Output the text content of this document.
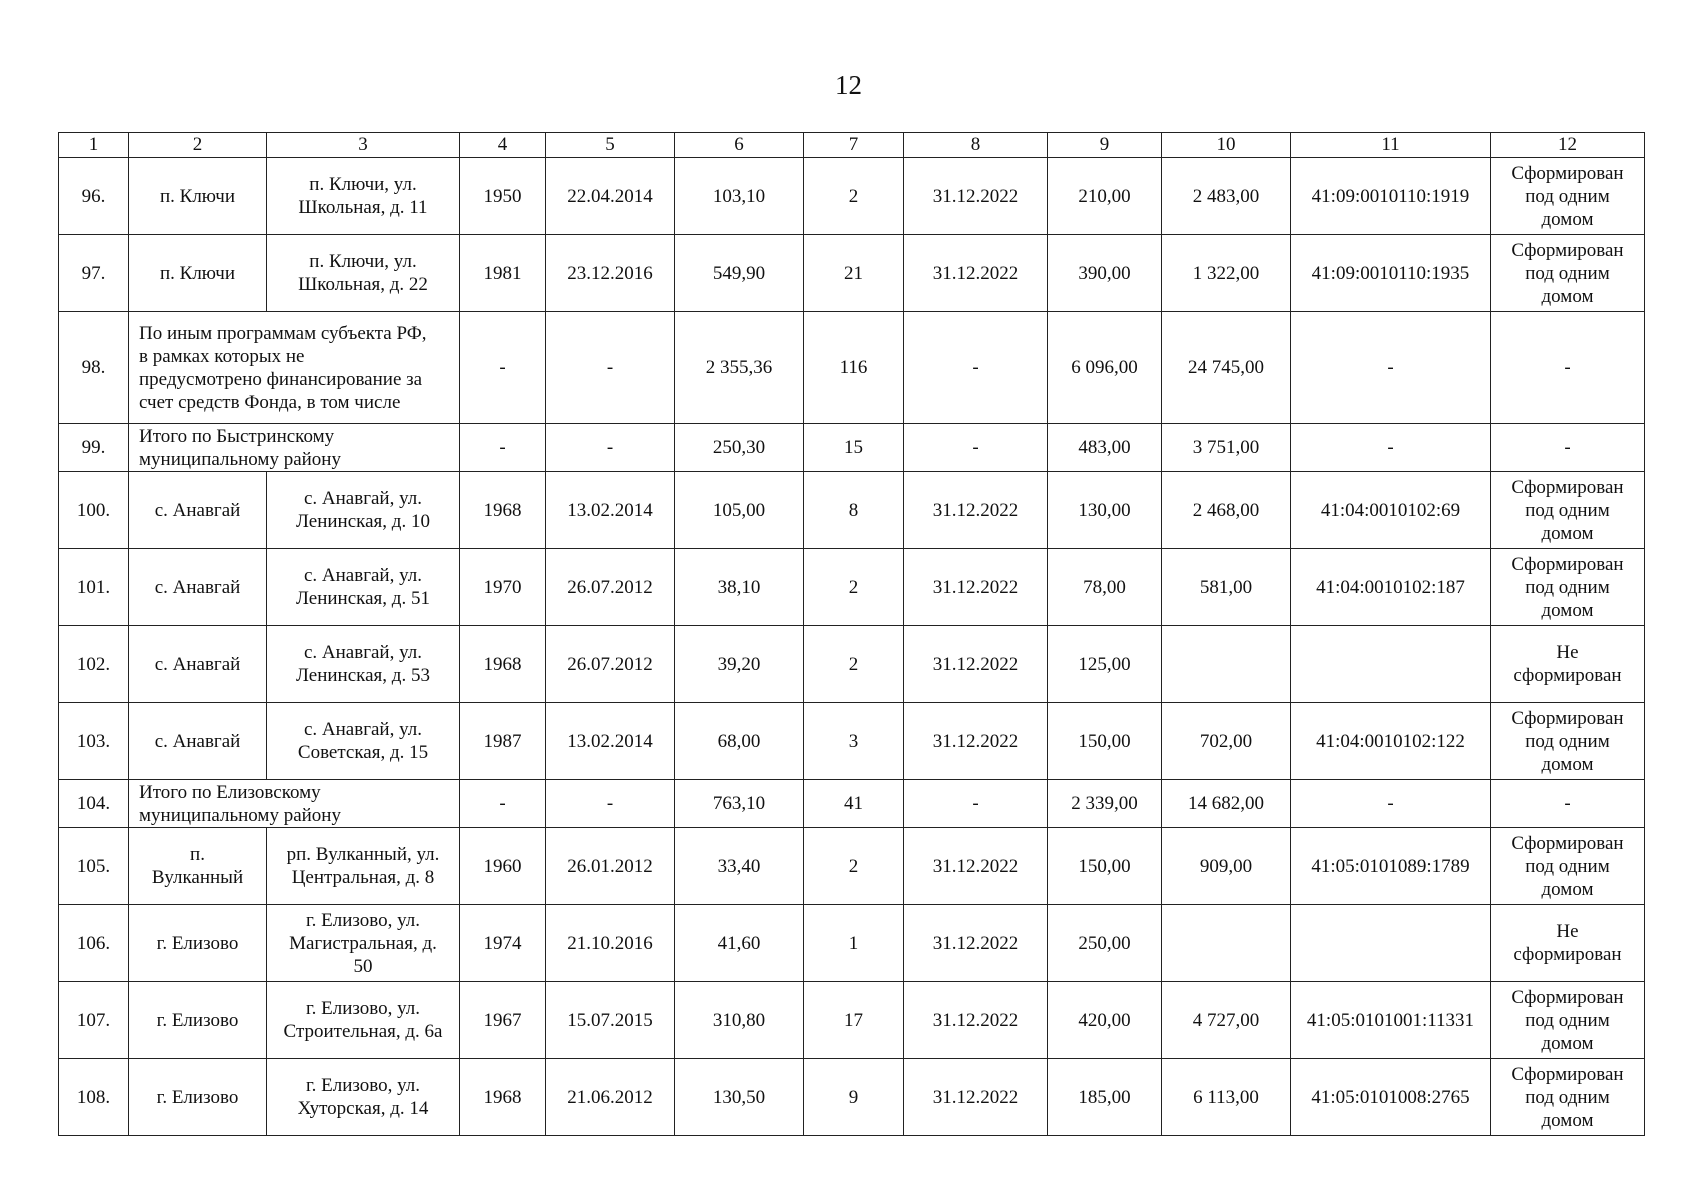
12
1	2	3	4	5	6	7	8	9	10	11	12
96.	п. Ключи	п. Ключи, ул.
Школьная, д. 11	1950	22.04.2014	103,10	2	31.12.2022	210,00	2 483,00	41:09:0010110:1919	Сформирован
под одним
домом

97.	п. Ключи	п. Ключи, ул.
Школьная, д. 22	1981	23.12.2016	549,90	21	31.12.2022	390,00	1 322,00	41:09:0010110:1935	Сформирован
под одним
домом

98.	По иным программам субъекта РФ,
в рамках которых не
предусмотрено финансирование за
счет средств Фонда, в том числе		-	-	2 355,36	116	-	6 096,00	24 745,00	-	-

99.	Итого по Быстринскому
муниципальному району		-	-	250,30	15	-	483,00	3 751,00	-	-

100.	с. Анавгай	с. Анавгай, ул.
Ленинская, д. 10	1968	13.02.2014	105,00	8	31.12.2022	130,00	2 468,00	41:04:0010102:69	Сформирован
под одним
домом

101.	с. Анавгай	с. Анавгай, ул.
Ленинская, д. 51	1970	26.07.2012	38,10	2	31.12.2022	78,00	581,00	41:04:0010102:187	Сформирован
под одним
домом

102.	с. Анавгай	с. Анавгай, ул.
Ленинская, д. 53	1968	26.07.2012	39,20	2	31.12.2022	125,00			Не
сформирован

103.	с. Анавгай	с. Анавгай, ул.
Советская, д. 15	1987	13.02.2014	68,00	3	31.12.2022	150,00	702,00	41:04:0010102:122	Сформирован
под одним
домом

104.	Итого по Елизовскому
муниципальному району		-	-	763,10	41	-	2 339,00	14 682,00	-	-

105.	п.
Вулканный	рп. Вулканный, ул.
Центральная, д. 8	1960	26.01.2012	33,40	2	31.12.2022	150,00	909,00	41:05:0101089:1789	Сформирован
под одним
домом

106.	г. Елизово	г. Елизово, ул.
Магистральная, д.
50	1974	21.10.2016	41,60	1	31.12.2022	250,00			Не
сформирован

107.	г. Елизово	г. Елизово, ул.
Строительная, д. 6а	1967	15.07.2015	310,80	17	31.12.2022	420,00	4 727,00	41:05:0101001:11331	Сформирован
под одним
домом

108.	г. Елизово	г. Елизово, ул.
Хуторская, д. 14	1968	21.06.2012	130,50	9	31.12.2022	185,00	6 113,00	41:05:0101008:2765	Сформирован
под одним
домом
